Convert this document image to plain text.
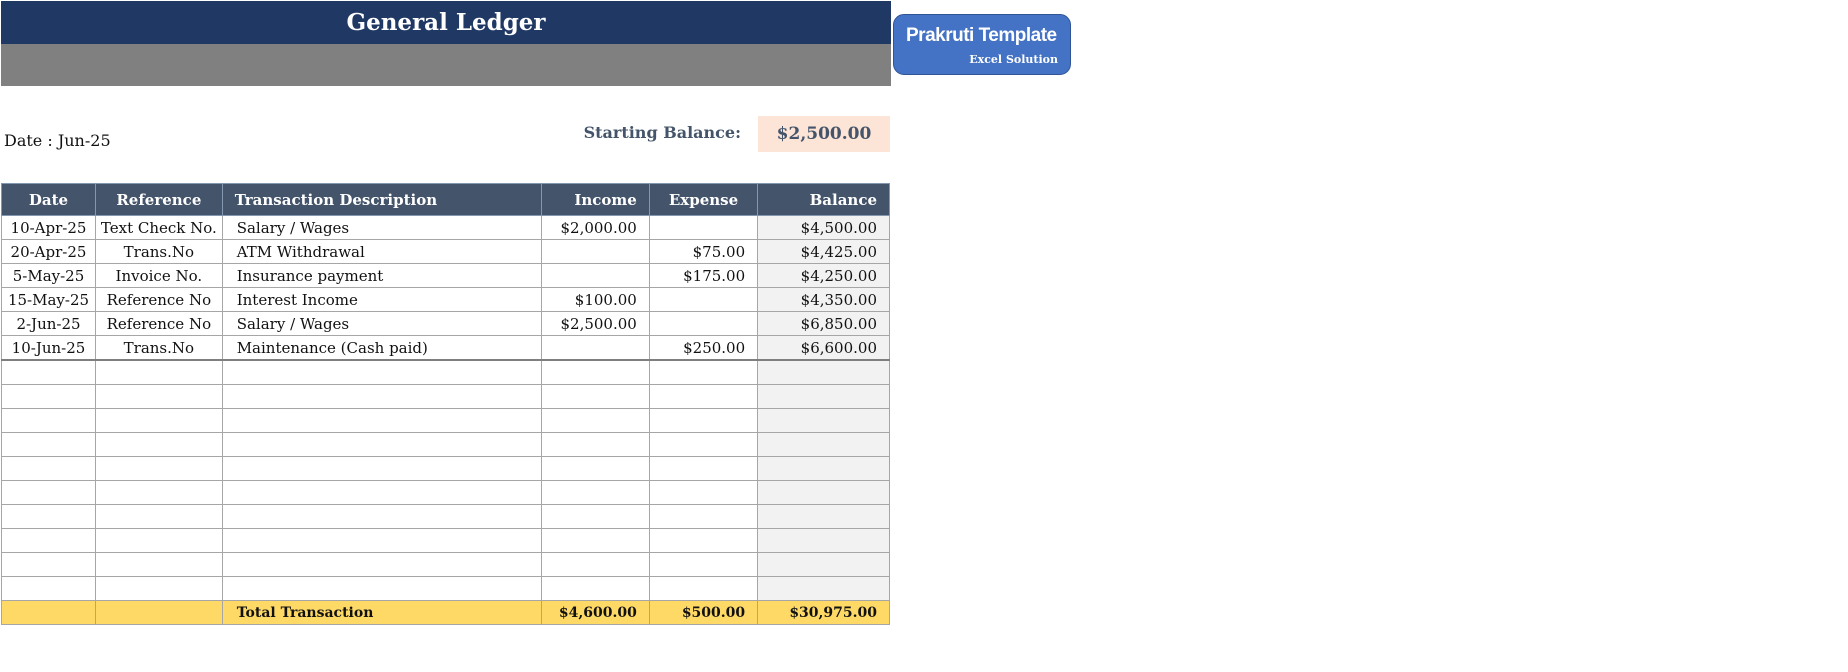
General Ledger	Prakruti Template
Excel Solution
Date : Jun-25	Starting Balance:	$2,500.00
Date	Reference	Transaction Description	Income	Expense	Balance
10-Apr-25	Text Check No.	Salary / Wages	$2,000.00		$4,500.00
20-Apr-25	Trans.No	ATM Withdrawal		$75.00	$4,425.00
5-May-25	Invoice No.	Insurance payment		$175.00	$4,250.00
15-May-25	Reference No	Interest Income	$100.00		$4,350.00
2-Jun-25	Reference No	Salary / Wages	$2,500.00		$6,850.00
10-Jun-25	Trans.No	Maintenance (Cash paid)		$250.00	$6,600.00

		Total Transaction	$4,600.00	$500.00	$30,975.00
